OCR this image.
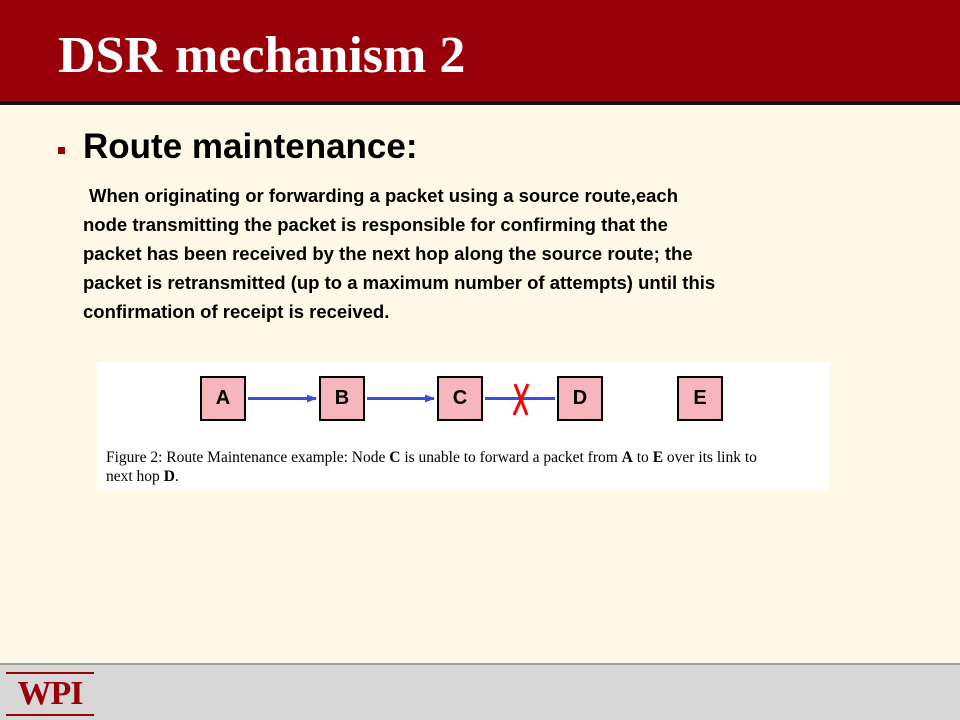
DSR mechanism 2
Route maintenance:
When originating or forwarding a packet using a source route,each
node transmitting the packet is responsible for confirming that the
packet has been received by the next hop along the source route; the
packet is retransmitted (up to a maximum number of attempts) until this
confirmation of receipt is received.
A	B	C	D	E
Figure 2: Route Maintenance example: Node C is unable to forward a packet from A to E over its link to
next hop D.
WPI
